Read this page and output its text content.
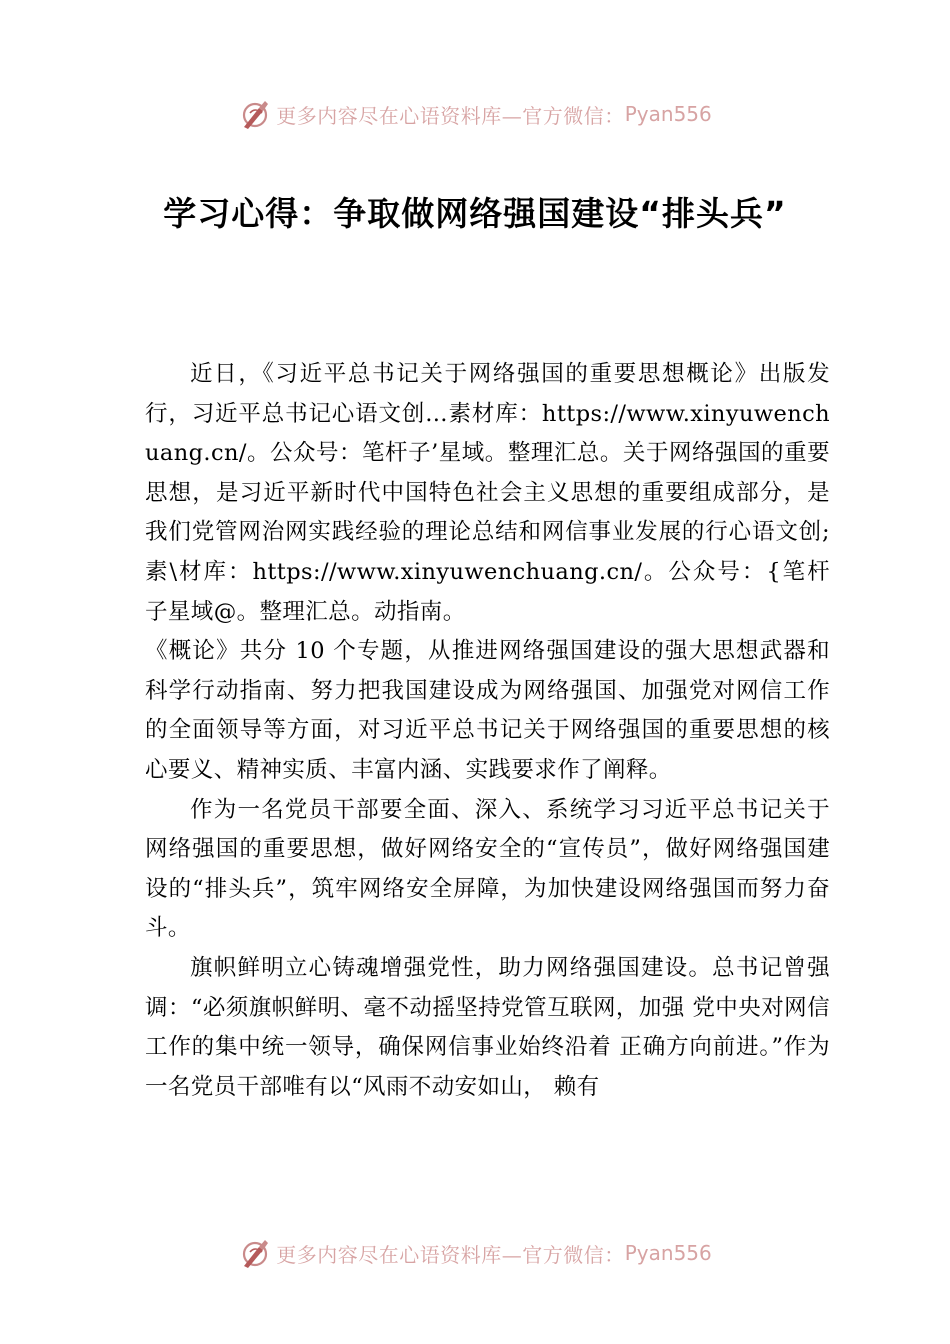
更多内容尽在心语资料库—官方微信： Pyan556
学习心得：争取做网络强国建设“排头兵”

近日，《习近平总书记关于网络强国的重要思想概论》出版发行，习近平总书记心语文创…素材库：https://www.xinyuwenchuang.cn/。公众号：笔杆子’星域。整理汇总。关于网络强国的重要思想，是习近平新时代中国特色社会主义思想的重要组成部分，是我们党管网治网实践经验的理论总结和网信事业发展的行心语文创;素\材库：https://www.xinyuwenchuang.cn/。公众号：{笔杆子星域@。整理汇总。动指南。

《概论》共分 10 个专题，从推进网络强国建设的强大思想武器和科学行动指南、努力把我国建设成为网络强国、加强党对网信工作的全面领导等方面，对习近平总书记关于网络强国的重要思想的核心要义、精神实质、丰富内涵、实践要求作了阐释。

作为一名党员干部要全面、深入、系统学习习近平总书记关于网络强国的重要思想，做好网络安全的“宣传员”，做好网络强国建设的“排头兵”，筑牢网络安全屏障，为加快建设网络强国而努力奋斗。

旗帜鲜明立心铸魂增强党性，助力网络强国建设。总书记曾强调：“必须旗帜鲜明、毫不动摇坚持党管互联网，加强 党中央对网信工作的集中统一领导，确保网信事业始终沿着 正确方向前进。”作为一名党员干部唯有以“风雨不动安如山， 赖有

更多内容尽在心语资料库—官方微信： Pyan556
